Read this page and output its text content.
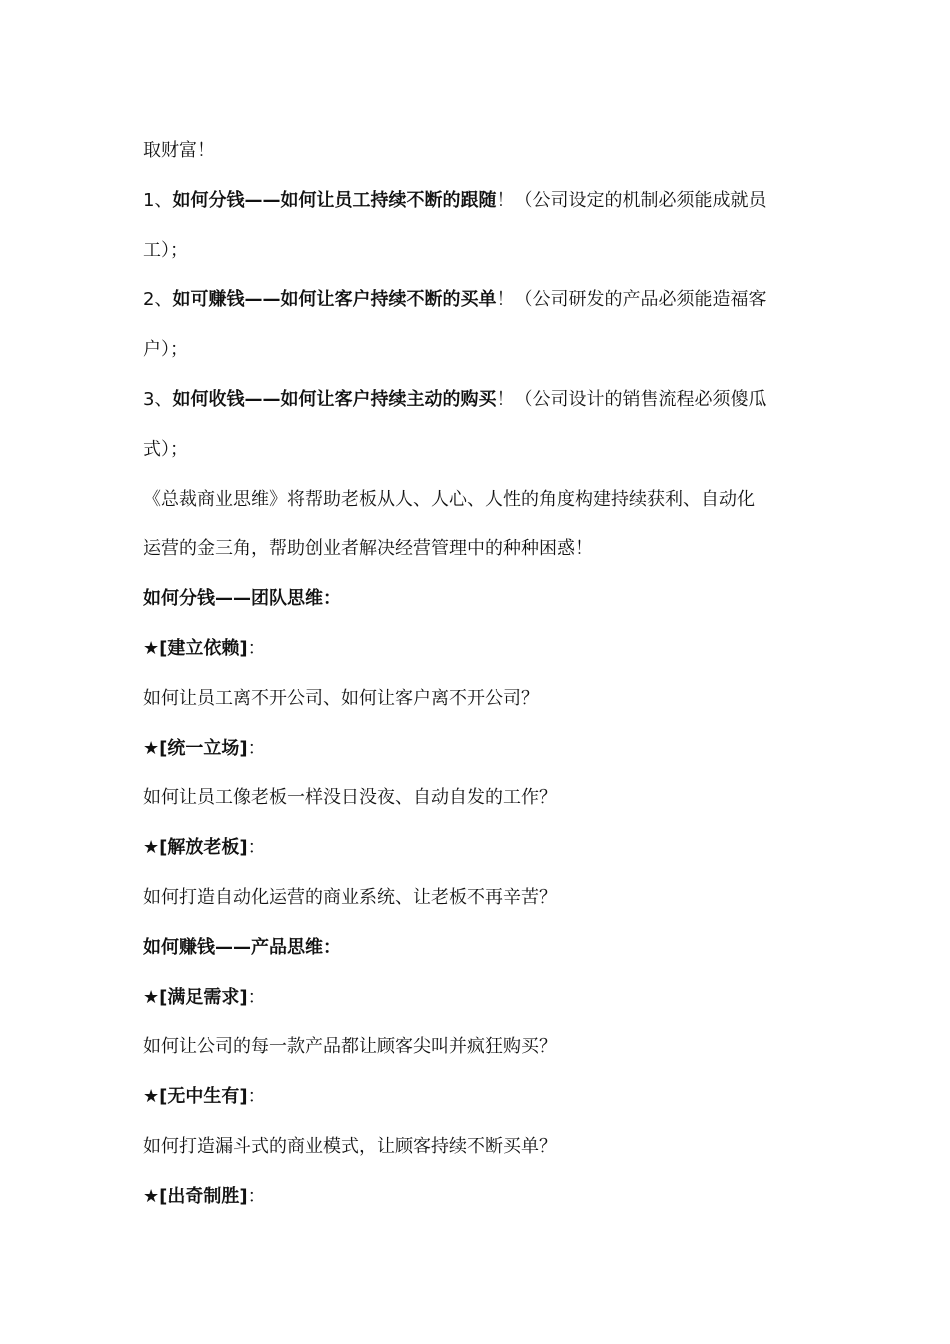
取财富！
1、如何分钱——如何让员工持续不断的跟随！（公司设定的机制必须能成就员
工）；
2、如可赚钱——如何让客户持续不断的买单！（公司研发的产品必须能造福客
户）；
3、如何收钱——如何让客户持续主动的购买！（公司设计的销售流程必须傻瓜
式）；
《总裁商业思维》将帮助老板从人、人心、人性的角度构建持续获利、自动化
运营的金三角，帮助创业者解决经营管理中的种种困惑！
如何分钱——团队思维：
★[建立依赖]：
如何让员工离不开公司、如何让客户离不开公司？
★[统一立场]：
如何让员工像老板一样没日没夜、自动自发的工作？
★[解放老板]：
如何打造自动化运营的商业系统、让老板不再辛苦？
如何赚钱——产品思维：
★[满足需求]：
如何让公司的每一款产品都让顾客尖叫并疯狂购买？
★[无中生有]：
如何打造漏斗式的商业模式，让顾客持续不断买单？
★[出奇制胜]：
